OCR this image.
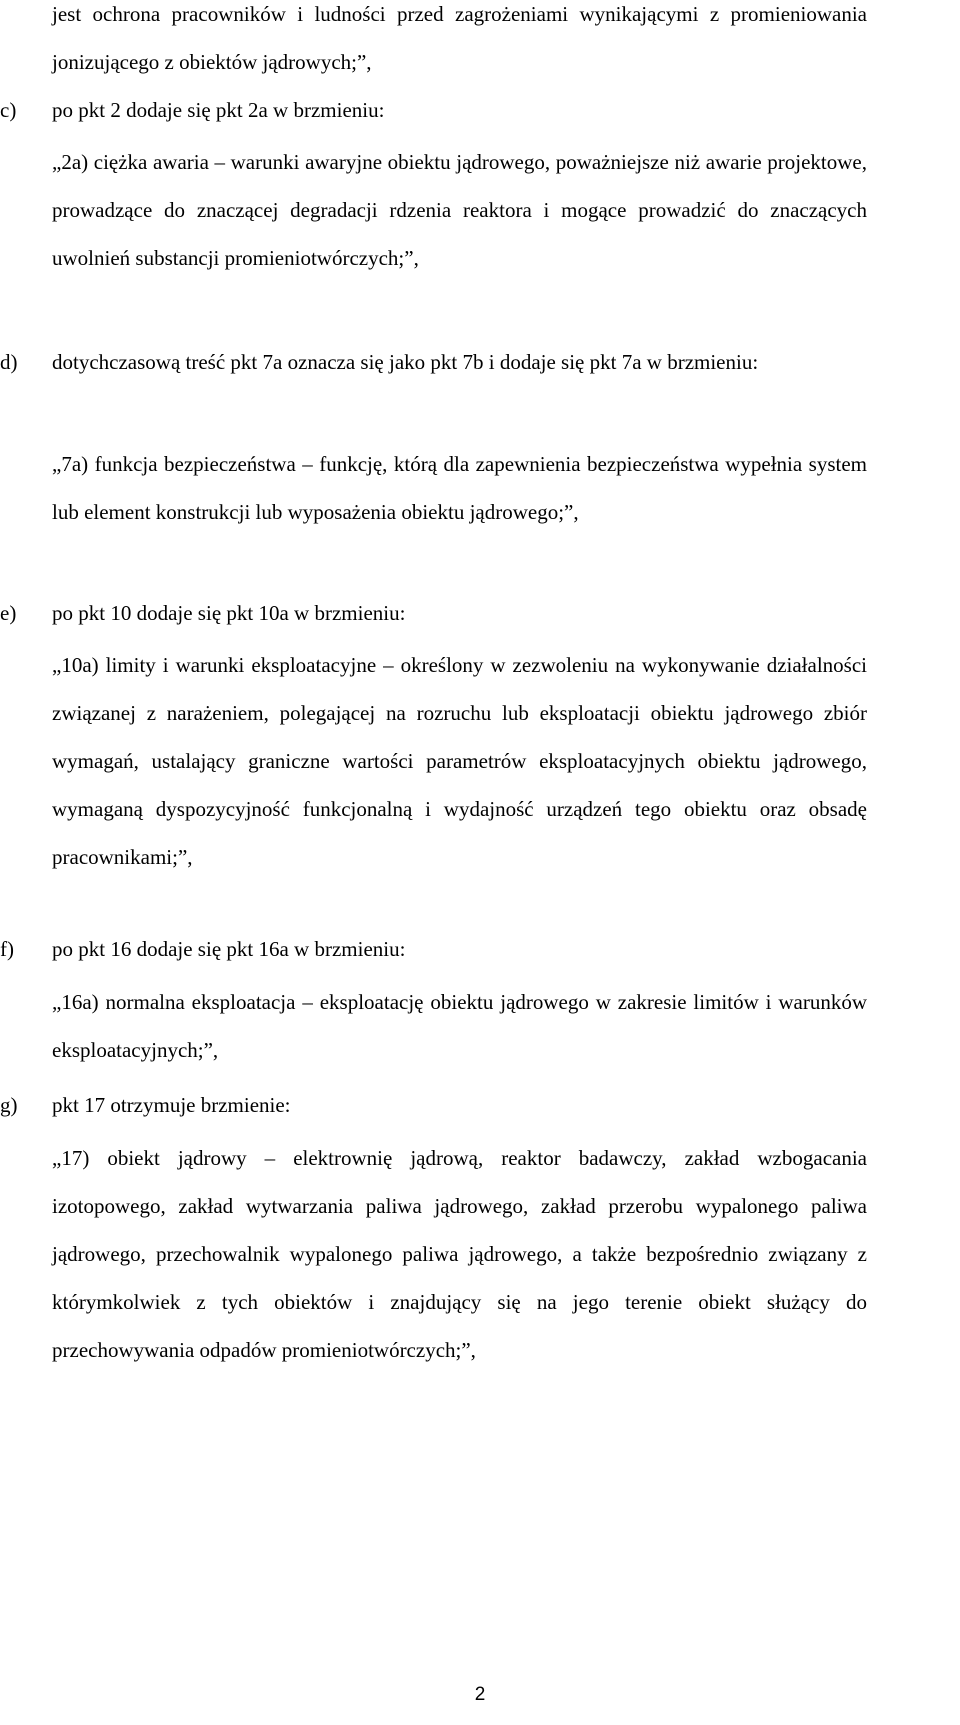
jest ochrona pracowników i ludności przed zagrożeniami wynikającymi z promieniowania jonizującego z obiektów jądrowych;”,

c)	po pkt 2 dodaje się pkt 2a w brzmieniu:

„2a) ciężka awaria – warunki awaryjne obiektu jądrowego, poważniejsze niż awarie projektowe, prowadzące do znaczącej degradacji rdzenia reaktora i mogące prowadzić do znaczących uwolnień substancji promieniotwórczych;”,

d)	dotychczasową treść pkt 7a oznacza się jako pkt 7b i dodaje się pkt 7a w brzmieniu:

„7a) funkcja bezpieczeństwa – funkcję, którą dla zapewnienia bezpieczeństwa wypełnia system lub element konstrukcji lub wyposażenia obiektu jądrowego;”,

e)	po pkt 10 dodaje się pkt 10a w brzmieniu:

„10a) limity i warunki eksploatacyjne – określony w zezwoleniu na wykonywanie działalności związanej z narażeniem, polegającej na rozruchu lub eksploatacji obiektu jądrowego zbiór wymagań, ustalający graniczne wartości parametrów eksploatacyjnych obiektu jądrowego, wymaganą dyspozycyjność funkcjonalną i wydajność urządzeń tego obiektu oraz obsadę pracownikami;”,

f)	po pkt 16 dodaje się pkt 16a w brzmieniu:

„16a) normalna eksploatacja – eksploatację obiektu jądrowego w zakresie limitów i warunków eksploatacyjnych;”,

g)	pkt 17 otrzymuje brzmienie:

„17) obiekt jądrowy – elektrownię jądrową, reaktor badawczy, zakład wzbogacania izotopowego, zakład wytwarzania paliwa jądrowego, zakład przerobu wypalonego paliwa jądrowego, przechowalnik wypalonego paliwa jądrowego, a także bezpośrednio związany z którymkolwiek z tych obiektów i znajdujący się na jego terenie obiekt służący do przechowywania odpadów promieniotwórczych;”,

2
